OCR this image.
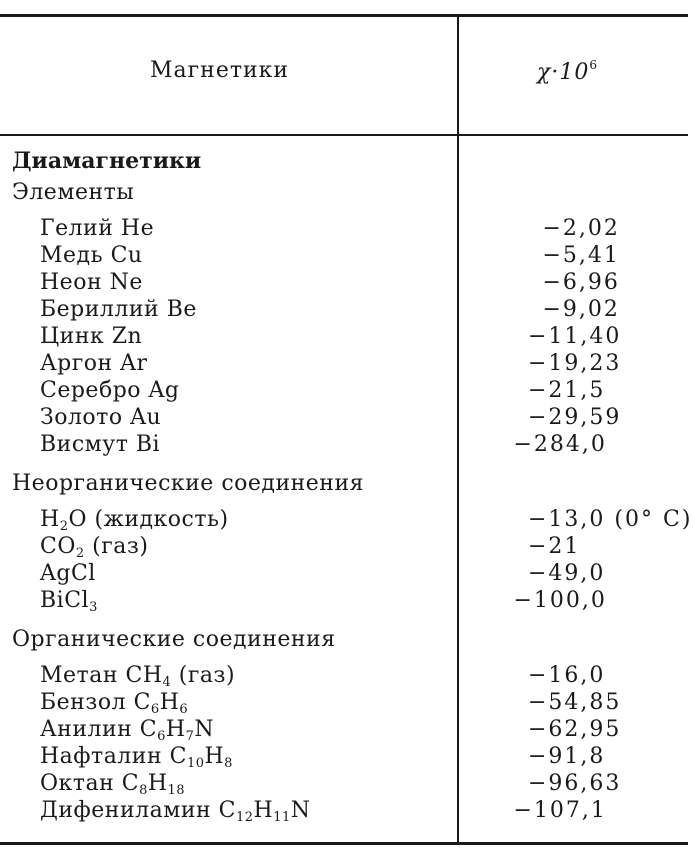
Магнетики	$\chi\cdot 10^6$
Диамагнетики
Элементы
Гелий He	−2,02
Медь Cu	−5,41
Неон Ne	−6,96
Бериллий Be	−9,02
Цинк Zn	−11,40
Аргон Ar	−19,23
Серебро Ag	−21,5
Золото Au	−29,59
Висмут Bi	−284,0
Неорганические соединения
$H_2O$ (жидкость)	−13,0 (0° C)
$CO_2$ (газ)	−21
AgCl	−49,0
BiCl$_3$	−100,0
Органические соединения
Метан $CH_4$ (газ)	−16,0
Бензол $C_6H_6$	−54,85
Анилин $C_6H_7N$	−62,95
Нафталин $C_{10}H_8$	−91,8
Октан $C_8H_{18}$	−96,63
Дифениламин $C_{12}H_{11}N$	−107,1
